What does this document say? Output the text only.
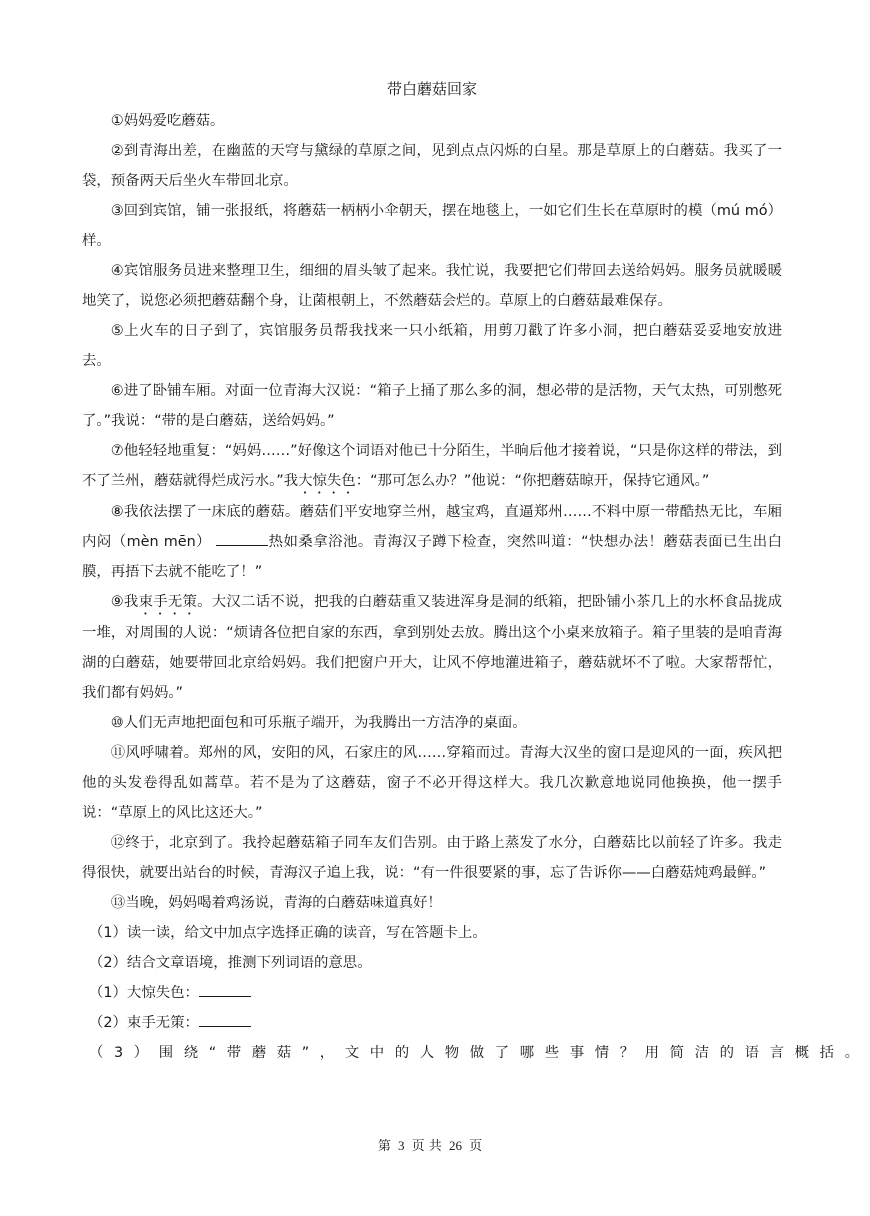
带白蘑菇回家

①妈妈爱吃蘑菇。

②到青海出差，在幽蓝的天穹与黛绿的草原之间，见到点点闪烁的白星。那是草原上的白蘑菇。我买了一袋，预备两天后坐火车带回北京。

③回到宾馆，铺一张报纸，将蘑菇一柄柄小伞朝天，摆在地毯上，一如它们生长在草原时的模（mú mó）样。

④宾馆服务员进来整理卫生，细细的眉头皱了起来。我忙说，我要把它们带回去送给妈妈。服务员就暖暖地笑了，说您必须把蘑菇翻个身，让菌根朝上，不然蘑菇会烂的。草原上的白蘑菇最难保存。

⑤上火车的日子到了，宾馆服务员帮我找来一只小纸箱，用剪刀戳了许多小洞，把白蘑菇妥妥地安放进去。

⑥进了卧铺车厢。对面一位青海大汉说：“箱子上捅了那么多的洞，想必带的是活物，天气太热，可别憋死了。”我说：“带的是白蘑菇，送给妈妈。”

⑦他轻轻地重复：“妈妈……”好像这个词语对他已十分陌生，半晌后他才接着说，“只是你这样的带法，到不了兰州，蘑菇就得烂成污水。”我大惊失色：“那可怎么办？”他说：“你把蘑菇晾开，保持它通风。”

⑧我依法摆了一床底的蘑菇。蘑菇们平安地穿兰州，越宝鸡，直逼郑州……不料中原一带酷热无比，车厢内闷（mèn mēn）	热如桑拿浴池。青海汉子蹲下检查，突然叫道：“快想办法！蘑菇表面已生出白膜，再捂下去就不能吃了！”

⑨我束手无策。大汉二话不说，把我的白蘑菇重又装进浑身是洞的纸箱，把卧铺小茶几上的水杯食品拢成一堆，对周围的人说：“烦请各位把自家的东西，拿到别处去放。腾出这个小桌来放箱子。箱子里装的是咱青海湖的白蘑菇，她要带回北京给妈妈。我们把窗户开大，让风不停地灌进箱子，蘑菇就坏不了啦。大家帮帮忙，我们都有妈妈。”

⑩人们无声地把面包和可乐瓶子端开，为我腾出一方洁净的桌面。

⑪风呼啸着。郑州的风，安阳的风，石家庄的风……穿箱而过。青海大汉坐的窗口是迎风的一面，疾风把他的头发卷得乱如蒿草。若不是为了这蘑菇，窗子不必开得这样大。我几次歉意地说同他换换，他一摆手说：“草原上的风比这还大。”

⑫终于，北京到了。我拎起蘑菇箱子同车友们告别。由于路上蒸发了水分，白蘑菇比以前轻了许多。我走得很快，就要出站台的时候，青海汉子追上我，说：“有一件很要紧的事，忘了告诉你——白蘑菇炖鸡最鲜。”

⑬当晚，妈妈喝着鸡汤说，青海的白蘑菇味道真好！

（1）读一读，给文中加点字选择正确的读音，写在答题卡上。

（2）结合文章语境，推测下列词语的意思。

（1）大惊失色：

（2）束手无策：

（3）围绕“带蘑菇”，文中的人物做了哪些事情？用简洁的语言概括。

第 3 页 共 26 页
